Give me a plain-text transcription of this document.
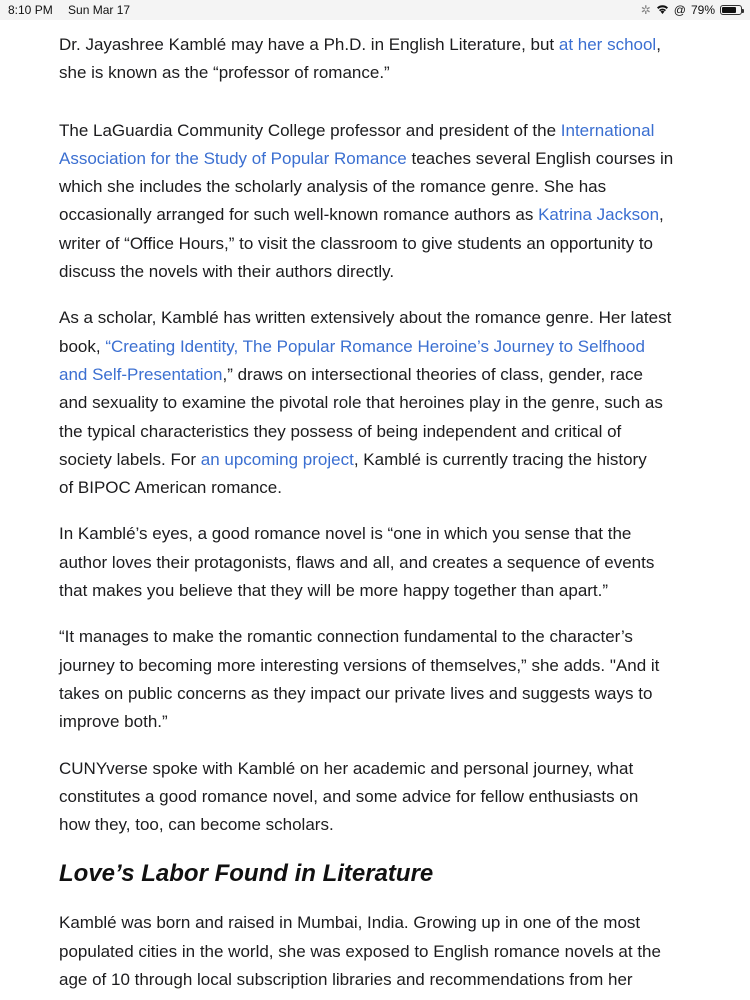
8:10 PM Sun Mar 17	✲ @ 79%
Dr. Jayashree Kamblé may have a Ph.D. in English Literature, but at her school,
she is known as the “professor of romance.”
The LaGuardia Community College professor and president of the International
Association for the Study of Popular Romance teaches several English courses in
which she includes the scholarly analysis of the romance genre. She has
occasionally arranged for such well-known romance authors as Katrina Jackson,
writer of “Office Hours,” to visit the classroom to give students an opportunity to
discuss the novels with their authors directly.
As a scholar, Kamblé has written extensively about the romance genre. Her latest
book, “Creating Identity, The Popular Romance Heroine’s Journey to Selfhood
and Self-Presentation,” draws on intersectional theories of class, gender, race
and sexuality to examine the pivotal role that heroines play in the genre, such as
the typical characteristics they possess of being independent and critical of
society labels. For an upcoming project, Kamblé is currently tracing the history
of BIPOC American romance.
In Kamblé’s eyes, a good romance novel is “one in which you sense that the
author loves their protagonists, flaws and all, and creates a sequence of events
that makes you believe that they will be more happy together than apart.”
“It manages to make the romantic connection fundamental to the character’s
journey to becoming more interesting versions of themselves,” she adds. "And it
takes on public concerns as they impact our private lives and suggests ways to
improve both.”
CUNYverse spoke with Kamblé on her academic and personal journey, what
constitutes a good romance novel, and some advice for fellow enthusiasts on
how they, too, can become scholars.
Love’s Labor Found in Literature
Kamblé was born and raised in Mumbai, India. Growing up in one of the most
populated cities in the world, she was exposed to English romance novels at the
age of 10 through local subscription libraries and recommendations from her
